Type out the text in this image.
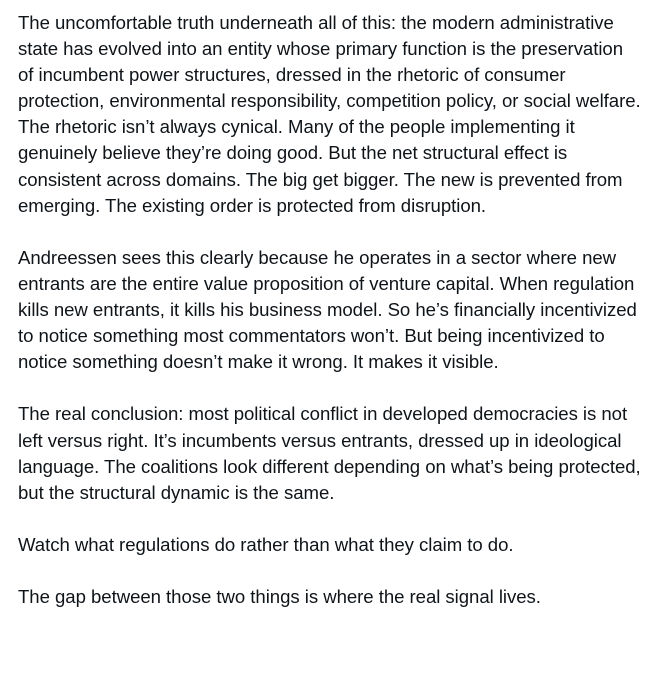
The uncomfortable truth underneath all of this: the modern administrative state has evolved into an entity whose primary function is the preservation of incumbent power structures, dressed in the rhetoric of consumer protection, environmental responsibility, competition policy, or social welfare. The rhetoric isn’t always cynical. Many of the people implementing it genuinely believe they’re doing good. But the net structural effect is consistent across domains. The big get bigger. The new is prevented from emerging. The existing order is protected from disruption.

Andreessen sees this clearly because he operates in a sector where new entrants are the entire value proposition of venture capital. When regulation kills new entrants, it kills his business model. So he’s financially incentivized to notice something most commentators won’t. But being incentivized to notice something doesn’t make it wrong. It makes it visible.

The real conclusion: most political conflict in developed democracies is not left versus right. It’s incumbents versus entrants, dressed up in ideological language. The coalitions look different depending on what’s being protected, but the structural dynamic is the same.

Watch what regulations do rather than what they claim to do.

The gap between those two things is where the real signal lives.
